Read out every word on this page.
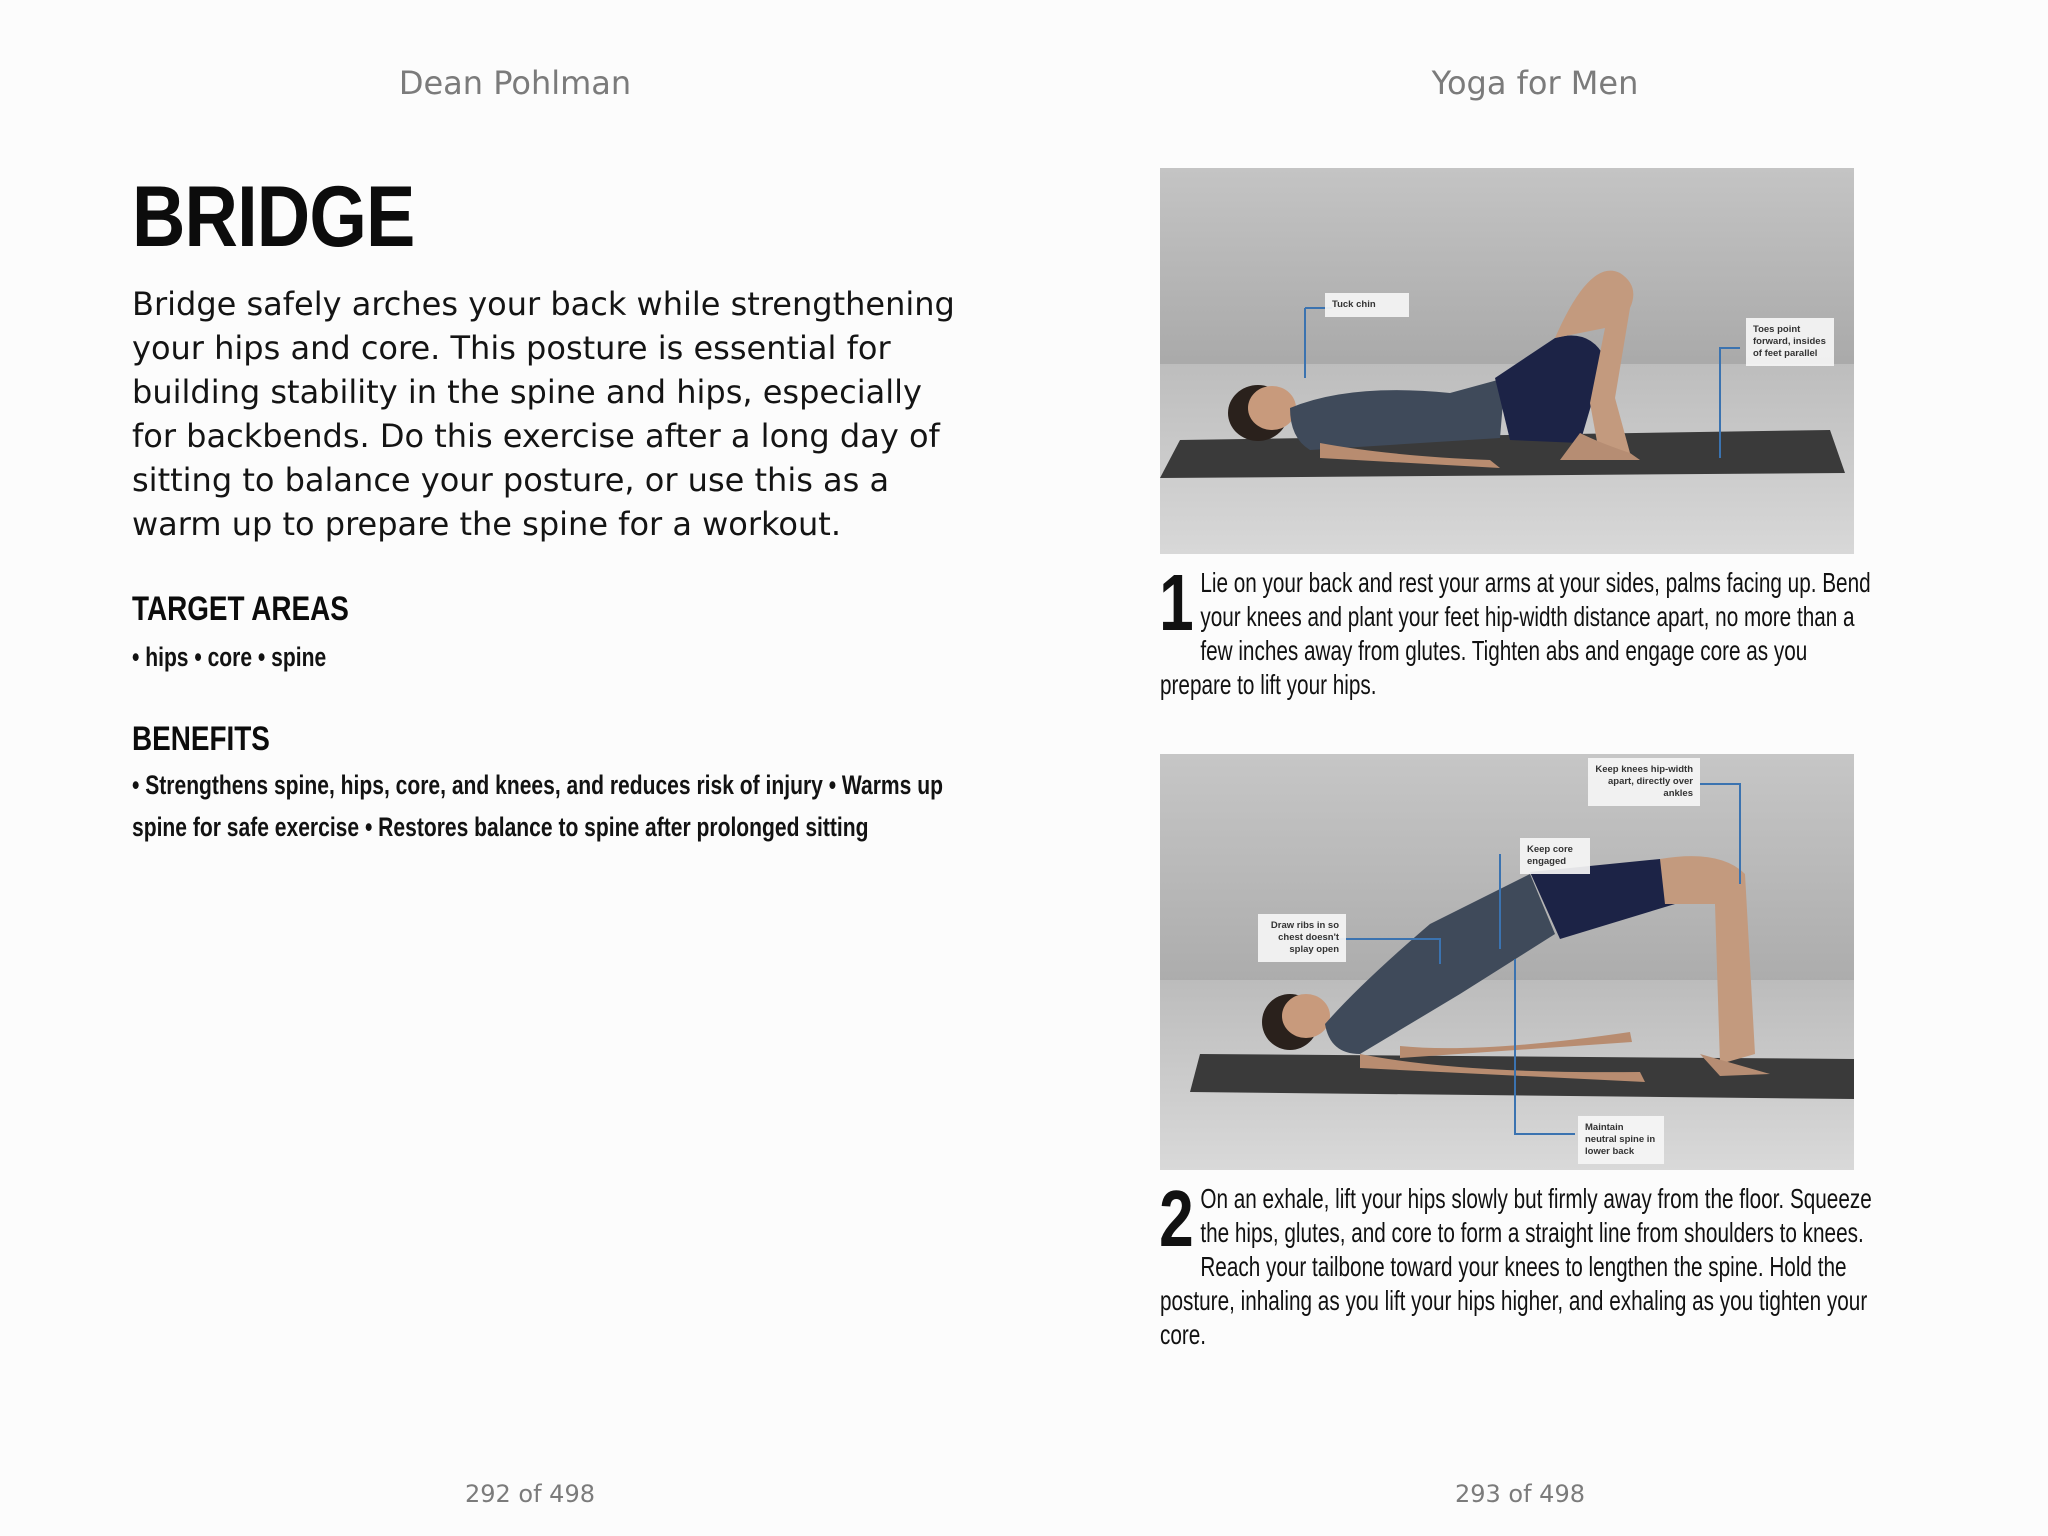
Dean Pohlman	Yoga for Men
BRIDGE
Bridge safely arches your back while strengthening your hips and core. This posture is essential for building stability in the spine and hips, especially for backbends. Do this exercise after a long day of sitting to balance your posture, or use this as a warm up to prepare the spine for a workout.
TARGET AREAS
• hips • core • spine
BENEFITS
• Strengthens spine, hips, core, and knees, and reduces risk of injury • Warms up spine for safe exercise • Restores balance to spine after prolonged sitting
Tuck chin
Toes point forward, insides of feet parallel
1 Lie on your back and rest your arms at your sides, palms facing up. Bend your knees and plant your feet hip-width distance apart, no more than a few inches away from glutes. Tighten abs and engage core as you prepare to lift your hips.
Keep knees hip-width apart, directly over ankles
Keep core engaged
Draw ribs in so chest doesn't splay open
Maintain neutral spine in lower back
2 On an exhale, lift your hips slowly but firmly away from the floor. Squeeze the hips, glutes, and core to form a straight line from shoulders to knees. Reach your tailbone toward your knees to lengthen the spine. Hold the posture, inhaling as you lift your hips higher, and exhaling as you tighten your core.
292 of 498	293 of 498
